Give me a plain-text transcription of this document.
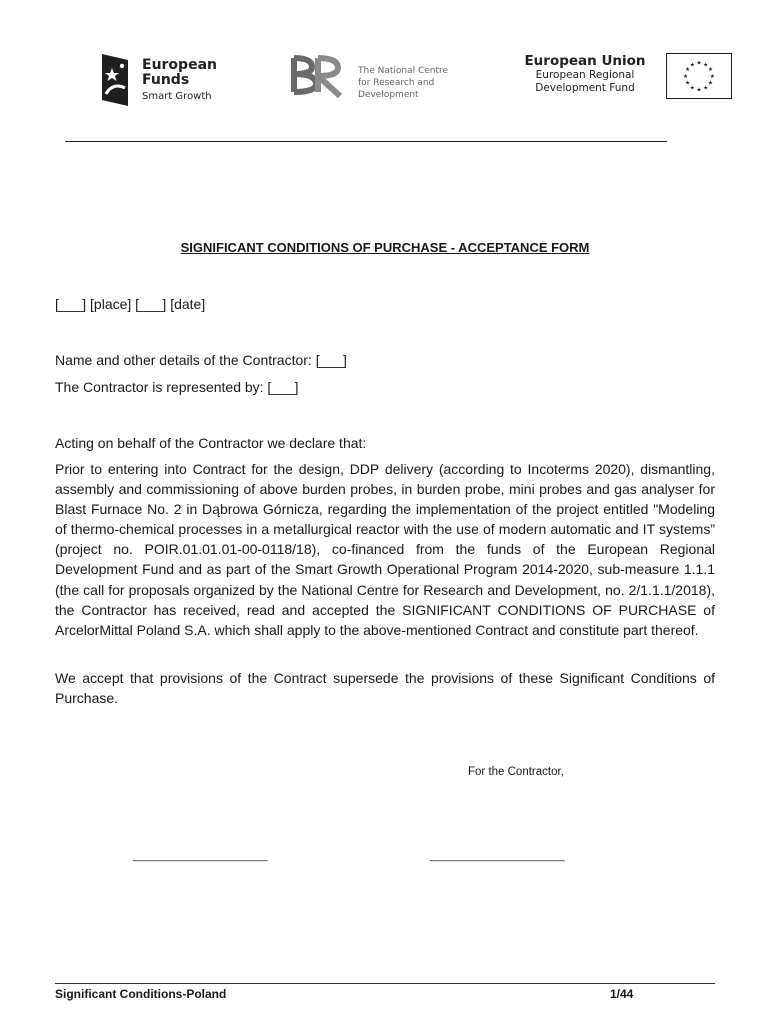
European
Funds
Smart Growth
The National Centre
for Research and Development
European Union
European Regional
Development Fund
★ ★
★
★
★
★
★
★
★
★
★
★
SIGNIFICANT CONDITIONS OF PURCHASE - ACCEPTANCE FORM
[___] [place] [___] [date]
Name and other details of the Contractor: [___]
The Contractor is represented by: [___]
Acting on behalf of the Contractor we declare that:
Prior to entering into Contract for the design, DDP delivery (according to Incoterms 2020), dismantling, assembly and commissioning of above burden probes, in burden probe, mini probes and gas analyser for Blast Furnace No. 2 in Dąbrowa Górnicza, regarding the implementation of the project entitled "Modeling of thermo-chemical processes in a metallurgical reactor with the use of modern automatic and IT systems” (project no. POIR.01.01.01-00-0118/18), co-financed from the funds of the European Regional Development Fund and as part of the Smart Growth Operational Program 2014-2020, sub-measure 1.1.1 (the call for proposals organized by the National Centre for Research and Development, no. 2/1.1.1/2018), the Contractor has received, read and accepted the SIGNIFICANT CONDITIONS OF PURCHASE of ArcelorMittal Poland S.A. which shall apply to the above-mentioned Contract and constitute part thereof.
We accept that provisions of the Contract supersede the provisions of these Significant Conditions of Purchase.
For the Contractor,
______________________	______________________
Significant Conditions-Poland	1/44
